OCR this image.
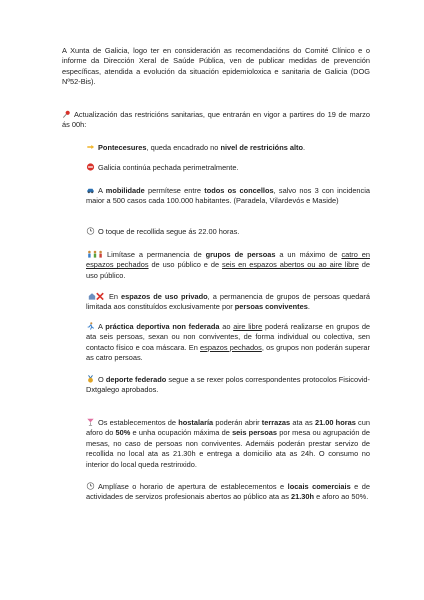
A Xunta de Galicia, logo ter en consideración as recomendacións do Comité Clínico e o informe da Dirección Xeral de Saúde Pública, ven de publicar medidas de prevención específicas, atendida a evolución da situación epidemioloxica e sanitaria de Galicia (DOG Nº52-Bis).

Actualización das restricións sanitarias, que entrarán en vigor a partires do 19 de marzo ás 00h:

Pontecesures, queda encadrado no nivel de restricións alto.

Galicia continúa pechada perimetralmente.

A mobilidade permítese entre todos os concellos, salvo nos 3 con incidencia maior a 500 casos cada 100.000 habitantes. (Paradela, Vilardevós e Maside)

O toque de recollida segue ás 22.00 horas.

Limítase a permanencia de grupos de persoas a un máximo de catro en espazos pechados de uso público e de seis en espazos abertos ou ao aire libre de uso público.

En espazos de uso privado, a permanencia de grupos de persoas quedará limitada aos constituídos exclusivamente por persoas conviventes.

A práctica deportiva non federada ao aire libre poderá realizarse en grupos de ata seis persoas, sexan ou non conviventes, de forma individual ou colectiva, sen contacto físico e coa máscara. En espazos pechados, os grupos non poderán superar as catro persoas.

O deporte federado segue a se rexer polos correspondentes protocolos Fisicovid-Dxtgalego aprobados.

Os establecementos de hostalaría poderán abrir terrazas ata as 21.00 horas cun aforo do 50% e unha ocupación máxima de seis persoas por mesa ou agrupación de mesas, no caso de persoas non conviventes. Ademáis poderán prestar servizo de recollida no local ata as 21.30h e entrega a domicilio ata as 24h. O consumo no interior do local queda restrinxido.

Amplíase o horario de apertura de establecementos e locais comerciais e de actividades de servizos profesionais abertos ao público ata as 21.30h e aforo ao 50%.
